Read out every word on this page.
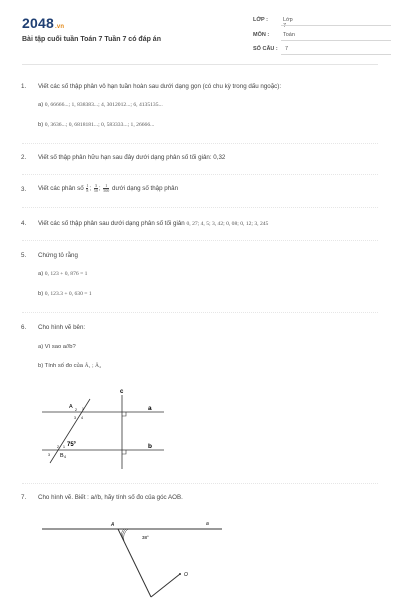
2048.vn
Bài tập cuối tuần Toán 7 Tuần 7 có đáp án
LỚP :	Lớp 7
MÔN :	Toán
SỐ CÂU :	7
1. Viết các số thập phân vô hạn tuần hoàn sau dưới dạng gọn (có chu kỳ trong dấu ngoặc):
a) 0, 66666...; 1, 838383...; 4, 3012012...; 6, 4135135...
b) 0, 3636...; 0, 6818181...; 0, 583333...; 1, 26666...
2. Viết số thập phân hữu hạn sau đây dưới dạng phân số tối giản: 0,32
3. Viết các phân số $\frac{1}{8}$ ; $\frac{3}{50}$ ; $\frac{1}{500}$ dưới dạng số thập phân
4. Viết các số thập phân sau dưới dạng phân số tối giản 0, 27; 4, 5; 3, 42; 0, 08; 0, 12; 3, 245
5. Chứng tỏ rằng
a) 0, 123 + 0, 876 = 1
b) 0, 123.3 + 0, 630 = 1
6. Cho hình vẽ bên:
a) Vì sao a//b?
b) Tính số đo của Â₁ ; Â₄
c
a
b
A 2 1
3 4
$75^0$
2 1
3 B 4
7. Cho hình vẽ. Biết : a//b, hãy tính số đo của góc AOB.
A	a
38°
O
